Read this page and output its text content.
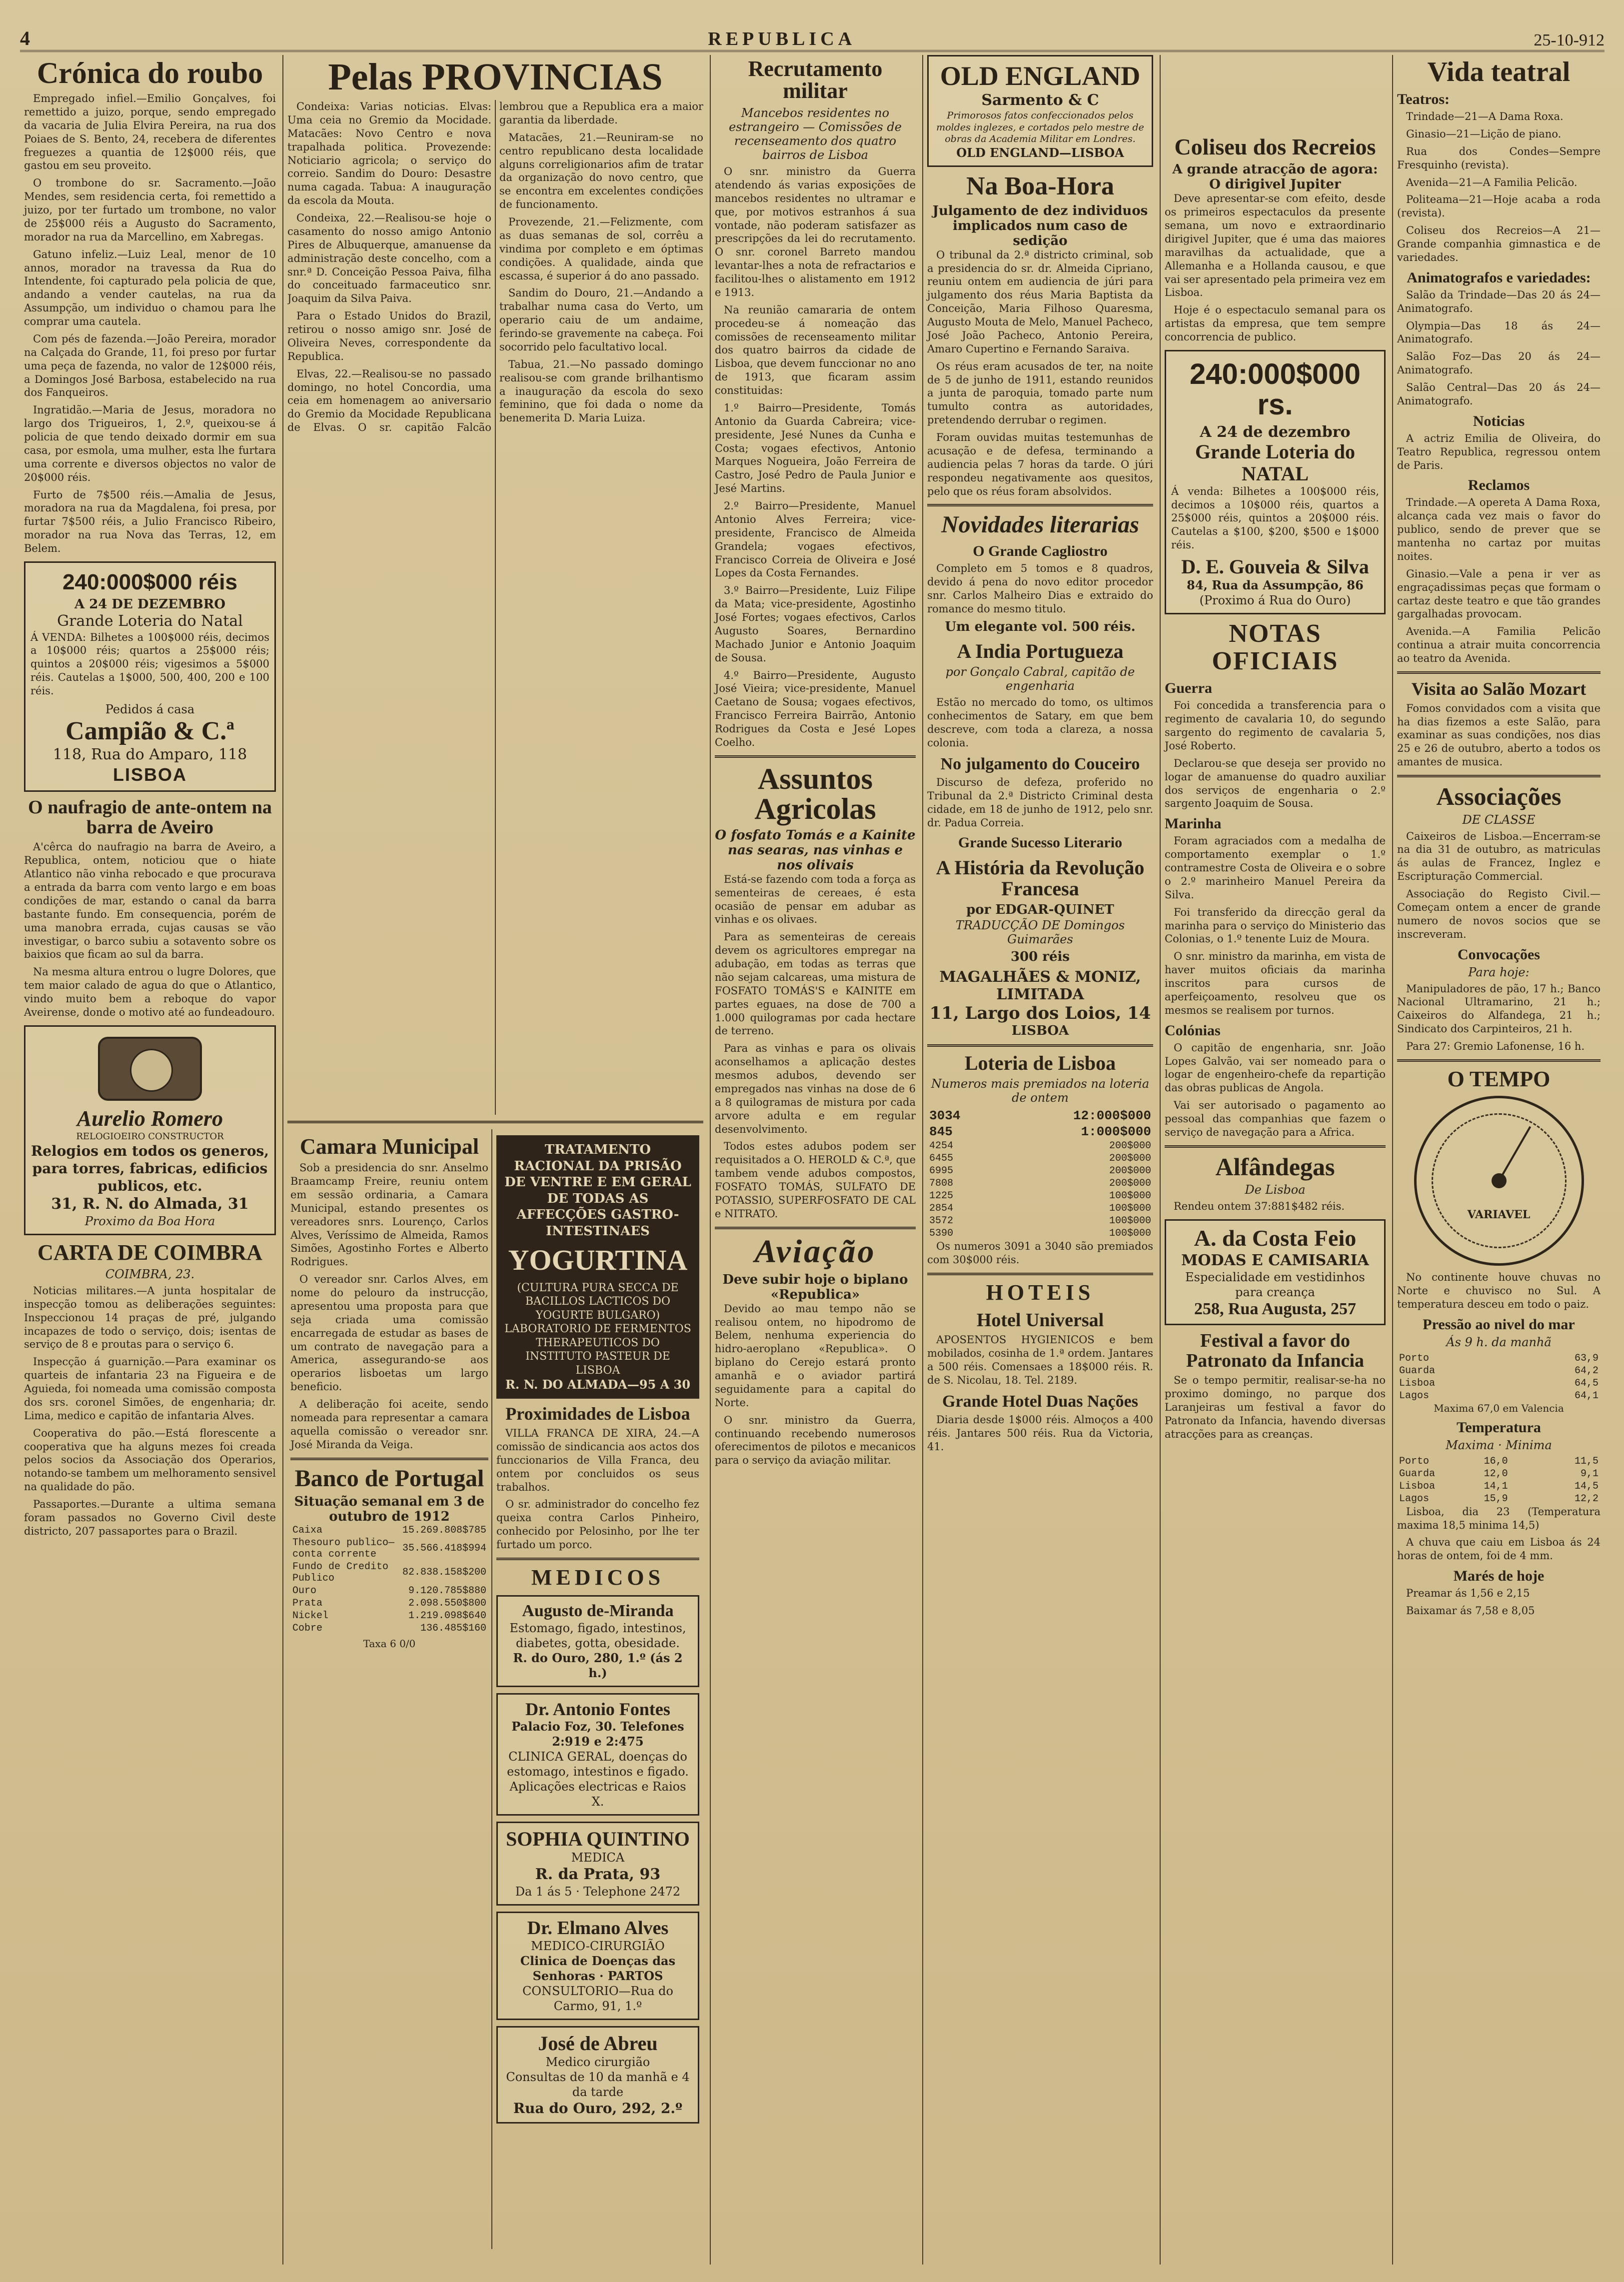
4	REPUBLICA	25-10-912
Crónica do roubo

Empregado infiel.—Emilio Gonçalves, foi remettido a juizo, porque, sendo empregado da vacaria de Julia Elvira Pereira, na rua dos Poiaes de S. Bento, 24, recebera de diferentes freguezes a quantia de 12$000 réis, que gastou em seu proveito.

O trombone do sr. Sacramento.—João Mendes, sem residencia certa, foi remettido a juizo, por ter furtado um trombone, no valor de 25$000 réis a Augusto do Sacramento, morador na rua da Marcellino, em Xabregas.

Gatuno infeliz.—Luiz Leal, menor de 10 annos, morador na travessa da Rua do Intendente, foi capturado pela policia de que, andando a vender cautelas, na rua da Assumpção, um individuo o chamou para lhe comprar uma cautela.

Com pés de fazenda.—João Pereira, morador na Calçada do Grande, 11, foi preso por furtar uma peça de fazenda, no valor de 12$000 réis, a Domingos José Barbosa, estabelecido na rua dos Fanqueiros.

Ingratidão.—Maria de Jesus, moradora no largo dos Trigueiros, 1, 2.º, queixou-se á policia de que tendo deixado dormir em sua casa, por esmola, uma mulher, esta lhe furtara uma corrente e diversos objectos no valor de 20$000 réis.

Furto de 7$500 réis.—Amalia de Jesus, moradora na rua da Magdalena, foi presa, por furtar 7$500 réis, a Julio Francisco Ribeiro, morador na rua Nova das Terras, 12, em Belem.

240:000$000 réis
A 24 DE DEZEMBRO
Grande Loteria do Natal

Á VENDA: Bilhetes a 100$000 réis, decimos a 10$000 réis; quartos a 25$000 réis; quintos a 20$000 réis; vigesimos a 5$000 réis. Cautelas a 1$000, 500, 400, 200 e 100 réis.

Pedidos á casa
Campião & C.ª
118, Rua do Amparo, 118
LISBOA
O naufragio de ante-ontem na barra de Aveiro

A'cêrca do naufragio na barra de Aveiro, a Republica, ontem, noticiou que o hiate Atlantico não vinha rebocado e que procurava a entrada da barra com vento largo e em boas condições de mar, estando o canal da barra bastante fundo. Em consequencia, porém de uma manobra errada, cujas causas se vão investigar, o barco subiu a sotavento sobre os baixios que ficam ao sul da barra.

Na mesma altura entrou o lugre Dolores, que tem maior calado de agua do que o Atlantico, vindo muito bem a reboque do vapor Aveirense, donde o motivo até ao fundeadouro.

Aurelio Romero
RELOGIOEIRO CONSTRUCTOR
Relogios em todos os generos, para torres, fabricas, edificios publicos, etc.
31, R. N. do Almada, 31
Proximo da Boa Hora
CARTA DE COIMBRA
COIMBRA, 23.

Noticias militares.—A junta hospitalar de inspecção tomou as deliberações seguintes: Inspeccionou 14 praças de pré, julgando incapazes de todo o serviço, dois; isentas de serviço de 8 e proutas para o serviço 6.

Inspecção á guarnição.—Para examinar os quarteis de infantaria 23 na Figueira e de Aguieda, foi nomeada uma comissão composta dos srs. coronel Simões, de engenharia; dr. Lima, medico e capitão de infantaria Alves.

Cooperativa do pão.—Está florescente a cooperativa que ha alguns mezes foi creada pelos socios da Associação dos Operarios, notando-se tambem um melhoramento sensivel na qualidade do pão.

Passaportes.—Durante a ultima semana foram passados no Governo Civil deste districto, 207 passaportes para o Brazil.

Pelas PROVINCIAS

Condeixa: Varias noticias. Elvas: Uma ceia no Gremio da Mocidade. Matacães: Novo Centro e nova trapalhada politica. Provezende: Noticiario agricola; o serviço do correio. Sandim do Douro: Desastre numa cagada. Tabua: A inauguração da escola da Mouta.

Condeixa, 22.—Realisou-se hoje o casamento do nosso amigo Antonio Pires de Albuquerque, amanuense da administração deste concelho, com a snr.ª D. Conceição Pessoa Paiva, filha do conceituado farmaceutico snr. Joaquim da Silva Paiva.

Para o Estado Unidos do Brazil, retirou o nosso amigo snr. José de Oliveira Neves, correspondente da Republica.

Elvas, 22.—Realisou-se no passado domingo, no hotel Concordia, uma ceia em homenagem ao aniversario do Gremio da Mocidade Republicana de Elvas. O sr. capitão Falcão lembrou que a Republica era a maior garantia da liberdade.

Matacães, 21.—Reuniram-se no centro republicano desta localidade alguns correligionarios afim de tratar da organização do novo centro, que se encontra em excelentes condições de funcionamento.

Provezende, 21.—Felizmente, com as duas semanas de sol, corrêu a vindima por completo e em óptimas condições. A qualidade, ainda que escassa, é superior á do ano passado.

Sandim do Douro, 21.—Andando a trabalhar numa casa do Verto, um operario caiu de um andaime, ferindo-se gravemente na cabeça. Foi socorrido pelo facultativo local.

Tabua, 21.—No passado domingo realisou-se com grande brilhantismo a inauguração da escola do sexo feminino, que foi dada o nome da benemerita D. Maria Luiza.

Camara Municipal

Sob a presidencia do snr. Anselmo Braamcamp Freire, reuniu ontem em sessão ordinaria, a Camara Municipal, estando presentes os vereadores snrs. Lourenço, Carlos Alves, Veríssimo de Almeida, Ramos Simões, Agostinho Fortes e Alberto Rodrigues.

O vereador snr. Carlos Alves, em nome do pelouro da instrucção, apresentou uma proposta para que seja criada uma comissão encarregada de estudar as bases de um contrato de navegação para a America, assegurando-se aos operarios lisboetas um largo beneficio.

A deliberação foi aceite, sendo nomeada para representar a camara aquella comissão o vereador snr. José Miranda da Veiga.

Banco de Portugal
Situação semanal em 3 de outubro de 1912
Caixa	15.269.808$785
Thesouro publico—conta corrente	35.566.418$994
Fundo de Credito Publico	82.838.158$200
Ouro	9.120.785$880
Prata	2.098.550$800
Nickel	1.219.098$640
Cobre	136.485$160
Taxa 6 0/0
TRATAMENTO RACIONAL DA PRISÃO DE VENTRE E EM GERAL DE TODAS AS AFFECÇÕES GASTRO-INTESTINAES
YOGURTINA
(CULTURA PURA SECCA DE BACILLOS LACTICOS DO YOGURTE BULGARO) LABORATORIO DE FERMENTOS THERAPEUTICOS DO INSTITUTO PASTEUR DE LISBOA
R. N. DO ALMADA—95 A 30
Proximidades de Lisboa

VILLA FRANCA DE XIRA, 24.—A comissão de sindicancia aos actos dos funccionarios de Villa Franca, deu ontem por concluidos os seus trabalhos.

O sr. administrador do concelho fez queixa contra Carlos Pinheiro, conhecido por Pelosinho, por lhe ter furtado um porco.

MEDICOS
Augusto de-Miranda
Estomago, figado, intestinos, diabetes, gotta, obesidade.
R. do Ouro, 280, 1.º (ás 2 h.)
Dr. Antonio Fontes
Palacio Foz, 30. Telefones 2:919 e 2:475
CLINICA GERAL, doenças do estomago, intestinos e figado. Aplicações electricas e Raios X.
SOPHIA QUINTINO
MEDICA
R. da Prata, 93
Da 1 ás 5 · Telephone 2472
Dr. Elmano Alves
MEDICO-CIRURGIÃO
Clinica de Doenças das Senhoras · PARTOS
CONSULTORIO—Rua do Carmo, 91, 1.º
José de Abreu
Medico cirurgião
Consultas de 10 da manhã e 4 da tarde
Rua do Ouro, 292, 2.º
Recrutamento militar
Mancebos residentes no estrangeiro — Comissões de recenseamento dos quatro bairros de Lisboa

O snr. ministro da Guerra atendendo ás varias exposições de mancebos residentes no ultramar e que, por motivos estranhos á sua vontade, não poderam satisfazer as prescripções da lei do recrutamento. O snr. coronel Barreto mandou levantar-lhes a nota de refractarios e facilitou-lhes o alistamento em 1912 e 1913.

Na reunião camararia de ontem procedeu-se á nomeação das comissões de recenseamento militar dos quatro bairros da cidade de Lisboa, que devem funccionar no ano de 1913, que ficaram assim constituidas:

1.º Bairro—Presidente, Tomás Antonio da Guarda Cabreira; vice-presidente, Jesé Nunes da Cunha e Costa; vogaes efectivos, Antonio Marques Nogueira, João Ferreira de Castro, José Pedro de Paula Junior e Jesé Martins.

2.º Bairro—Presidente, Manuel Antonio Alves Ferreira; vice-presidente, Francisco de Almeida Grandela; vogaes efectivos, Francisco Correia de Oliveira e José Lopes da Costa Fernandes.

3.º Bairro—Presidente, Luiz Filipe da Mata; vice-presidente, Agostinho José Fortes; vogaes efectivos, Carlos Augusto Soares, Bernardino Machado Junior e Antonio Joaquim de Sousa.

4.º Bairro—Presidente, Augusto José Vieira; vice-presidente, Manuel Caetano de Sousa; vogaes efectivos, Francisco Ferreira Bairrão, Antonio Rodrigues da Costa e Jesé Lopes Coelho.

Assuntos Agricolas
O fosfato Tomás e a Kainite nas searas, nas vinhas e nos olivais

Está-se fazendo com toda a força as sementeiras de cereaes, é esta ocasião de pensar em adubar as vinhas e os olivaes.

Para as sementeiras de cereais devem os agricultores empregar na adubação, em todas as terras que não sejam calcareas, uma mistura de FOSFATO TOMÁS'S e KAINITE em partes eguaes, na dose de 700 a 1.000 quilogramas por cada hectare de terreno.

Para as vinhas e para os olivais aconselhamos a aplicação destes mesmos adubos, devendo ser empregados nas vinhas na dose de 6 a 8 quilogramas de mistura por cada arvore adulta e em regular desenvolvimento.

Todos estes adubos podem ser requisitados a O. HEROLD & C.ª, que tambem vende adubos compostos, FOSFATO TOMÁS, SULFATO DE POTASSIO, SUPERFOSFATO DE CAL e NITRATO.

Aviação
Deve subir hoje o biplano «Republica»

Devido ao mau tempo não se realisou ontem, no hipodromo de Belem, nenhuma experiencia do hidro-aeroplano «Republica». O biplano do Cerejo estará pronto amanhã e o aviador partirá seguidamente para a capital do Norte.

O snr. ministro da Guerra, continuando recebendo numerosos oferecimentos de pilotos e mecanicos para o serviço da aviação militar.

OLD ENGLAND
Sarmento & C
Primorosos fatos confeccionados pelos moldes inglezes, e cortados pelo mestre de obras da Academia Militar em Londres.
OLD ENGLAND—LISBOA
Na Boa-Hora
Julgamento de dez individuos implicados num caso de sedição

O tribunal da 2.ª districto criminal, sob a presidencia do sr. dr. Almeida Cipriano, reuniu ontem em audiencia de júri para julgamento dos réus Maria Baptista da Conceição, Maria Filhoso Quaresma, Augusto Mouta de Melo, Manuel Pacheco, José João Pacheco, Antonio Pereira, Amaro Cupertino e Fernando Saraiva.

Os réus eram acusados de ter, na noite de 5 de junho de 1911, estando reunidos a junta de paroquia, tomado parte num tumulto contra as autoridades, pretendendo derrubar o regimen.

Foram ouvidas muitas testemunhas de acusação e de defesa, terminando a audiencia pelas 7 horas da tarde. O júri respondeu negativamente aos quesitos, pelo que os réus foram absolvidos.

Novidades literarias
O Grande Cagliostro

Completo em 5 tomos e 8 quadros, devido á pena do novo editor procedor snr. Carlos Malheiro Dias e extraido do romance do mesmo titulo.

Um elegante vol. 500 réis.
A India Portugueza
por Gonçalo Cabral, capitão de engenharia

Estão no mercado do tomo, os ultimos conhecimentos de Satary, em que bem descreve, com toda a clareza, a nossa colonia.

No julgamento do Couceiro

Discurso de defeza, proferido no Tribunal da 2.ª Districto Criminal desta cidade, em 18 de junho de 1912, pelo snr. dr. Padua Correia.

Grande Sucesso Literario
A História da Revolução Francesa
por EDGAR-QUINET
TRADUCÇÃO DE Domingos Guimarães
300 réis
MAGALHÃES & MONIZ, LIMITADA
11, Largo dos Loios, 14
LISBOA
Loteria de Lisboa
Numeros mais premiados na loteria de ontem
3034	12:000$000
845	1:000$000
4254	200$000
6455	200$000
6995	200$000
7808	200$000
1225	100$000
2854	100$000
3572	100$000
5390	100$000

Os numeros 3091 a 3040 são premiados com 30$000 réis.

HOTEIS
Hotel Universal

APOSENTOS HYGIENICOS e bem mobilados, cosinha de 1.ª ordem. Jantares a 500 réis. Comensaes a 18$000 réis. R. de S. Nicolau, 18. Tel. 2189.

Grande Hotel Duas Nações

Diaria desde 1$000 réis. Almoços a 400 réis. Jantares 500 réis. Rua da Victoria, 41.

Coliseu dos Recreios
A grande atracção de agora: O dirigivel Jupiter

Deve apresentar-se com efeito, desde os primeiros espectaculos da presente semana, um novo e extraordinario dirigivel Jupiter, que é uma das maiores maravilhas da actualidade, que a Allemanha e a Hollanda causou, e que vai ser apresentado pela primeira vez em Lisboa.

Hoje é o espectaculo semanal para os artistas da empresa, que tem sempre concorrencia de publico.

240:000$000 rs.
A 24 de dezembro
Grande Loteria do NATAL

Á venda: Bilhetes a 100$000 réis, decimos a 10$000 réis, quartos a 25$000 réis, quintos a 20$000 réis. Cautelas a $100, $200, $500 e 1$000 réis.

D. E. Gouveia & Silva
84, Rua da Assumpção, 86
(Proximo á Rua do Ouro)
NOTAS OFICIAIS
Guerra

Foi concedida a transferencia para o regimento de cavalaria 10, do segundo sargento do regimento de cavalaria 5, José Roberto.

Declarou-se que deseja ser provido no logar de amanuense do quadro auxiliar dos serviços de engenharia o 2.º sargento Joaquim de Sousa.

Marinha

Foram agraciados com a medalha de comportamento exemplar o 1.º contramestre Costa de Oliveira e o sobre o 2.º marinheiro Manuel Pereira da Silva.

Foi transferido da direcção geral da marinha para o serviço do Ministerio das Colonias, o 1.º tenente Luiz de Moura.

O snr. ministro da marinha, em vista de haver muitos oficiais da marinha inscritos para cursos de aperfeiçoamento, resolveu que os mesmos se realisem por turnos.

Colónias

O capitão de engenharia, snr. João Lopes Galvão, vai ser nomeado para o logar de engenheiro-chefe da repartição das obras publicas de Angola.

Vai ser autorisado o pagamento ao pessoal das companhias que fazem o serviço de navegação para a Africa.

Alfândegas
De Lisboa

Rendeu ontem 37:881$482 réis.

A. da Costa Feio
MODAS E CAMISARIA
Especialidade em vestidinhos para creança
258, Rua Augusta, 257
Festival a favor do Patronato da Infancia

Se o tempo permitir, realisar-se-ha no proximo domingo, no parque dos Laranjeiras um festival a favor do Patronato da Infancia, havendo diversas atracções para as creanças.

Vida teatral
Teatros:

Trindade—21—A Dama Roxa.

Ginasio—21—Lição de piano.

Rua dos Condes—Sempre Fresquinho (revista).

Avenida—21—A Familia Pelicão.

Politeama—21—Hoje acaba a roda (revista).

Coliseu dos Recreios—A 21—Grande companhia gimnastica e de variedades.

Animatografos e variedades:

Salão da Trindade—Das 20 ás 24—Animatografo.

Olympia—Das 18 ás 24—Animatografo.

Salão Foz—Das 20 ás 24—Animatografo.

Salão Central—Das 20 ás 24—Animatografo.

Noticias

A actriz Emilia de Oliveira, do Teatro Republica, regressou ontem de Paris.

Reclamos

Trindade.—A opereta A Dama Roxa, alcança cada vez mais o favor do publico, sendo de prever que se mantenha no cartaz por muitas noites.

Ginasio.—Vale a pena ir ver as engraçadissimas peças que formam o cartaz deste teatro e que tão grandes gargalhadas provocam.

Avenida.—A Familia Pelicão continua a atrair muita concorrencia ao teatro da Avenida.

Visita ao Salão Mozart

Fomos convidados com a visita que ha dias fizemos a este Salão, para examinar as suas condições, nos dias 25 e 26 de outubro, aberto a todos os amantes de musica.

Associações
DE CLASSE

Caixeiros de Lisboa.—Encerram-se na dia 31 de outubro, as matriculas ás aulas de Francez, Inglez e Escripturação Commercial.

Associação do Registo Civil.—Começam ontem a encer de grande numero de novos socios que se inscreveram.

Convocações
Para hoje:

Manipuladores de pão, 17 h.; Banco Nacional Ultramarino, 21 h.; Caixeiros do Alfandega, 21 h.; Sindicato dos Carpinteiros, 21 h.

Para 27: Gremio Lafonense, 16 h.

O TEMPO
VARIAVEL

No continente houve chuvas no Norte e chuvisco no Sul. A temperatura desceu em todo o paiz.

Pressão ao nivel do mar
Ás 9 h. da manhã
Porto	63,9
Guarda	64,2
Lisboa	64,5
Lagos	64,1
Maxima 67,0 em Valencia
Temperatura
Maxima · Minima
Porto	16,0	11,5
Guarda	12,0	9,1
Lisboa	14,1	14,5
Lagos	15,9	12,2

Lisboa, dia 23 (Temperatura maxima 18,5 minima 14,5)

A chuva que caiu em Lisboa ás 24 horas de ontem, foi de 4 mm.

Marés de hoje

Preamar ás 1,56 e 2,15

Baixamar ás 7,58 e 8,05
